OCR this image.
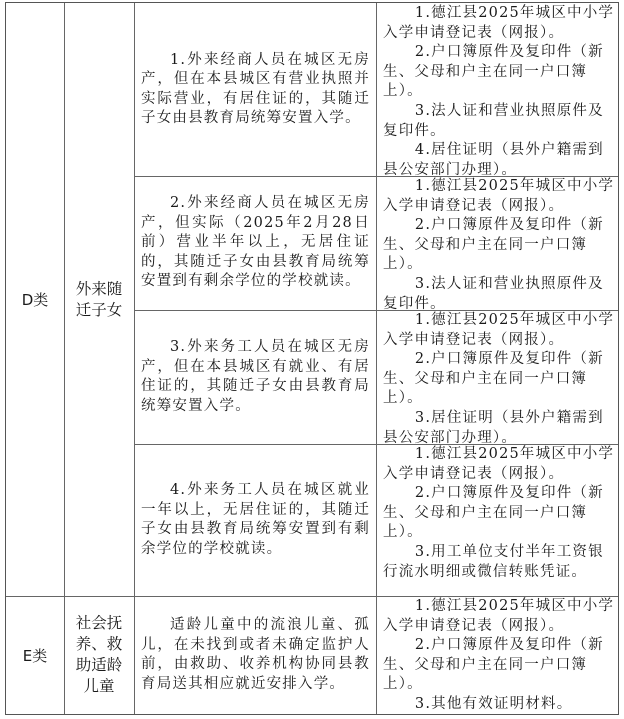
D类
外来随迁子女
1.外来经商人员在城区无房产，但在本县城区有营业执照并实际营业，有居住证的，其随迁子女由县教育局统筹安置入学。
1.德江县2025年城区中小学入学申请登记表（网报）。
2.户口簿原件及复印件（新生、父母和户主在同一户口簿上）。
3.法人证和营业执照原件及复印件。
4.居住证明（县外户籍需到县公安部门办理）。
2.外来经商人员在城区无房产，但实际（2025年2月28日前）营业半年以上，无居住证的，其随迁子女由县教育局统筹安置到有剩余学位的学校就读。
1.德江县2025年城区中小学入学申请登记表（网报）。
2.户口簿原件及复印件（新生、父母和户主在同一户口簿上）。
3.法人证和营业执照原件及复印件。
3.外来务工人员在城区无房产，但在本县城区有就业、有居住证的，其随迁子女由县教育局统筹安置入学。
1.德江县2025年城区中小学入学申请登记表（网报）。
2.户口簿原件及复印件（新生、父母和户主在同一户口簿上）。
3.居住证明（县外户籍需到县公安部门办理）。
4.外来务工人员在城区就业一年以上，无居住证的，其随迁子女由县教育局统筹安置到有剩余学位的学校就读。
1.德江县2025年城区中小学入学申请登记表（网报）。
2.户口簿原件及复印件（新生、父母和户主在同一户口簿上）。
3.用工单位支付半年工资银行流水明细或微信转账凭证。
E类
社会抚养、救助适龄儿童
适龄儿童中的流浪儿童、孤儿，在未找到或者未确定监护人前，由救助、收养机构协同县教育局送其相应就近安排入学。
1.德江县2025年城区中小学入学申请登记表（网报）。
2.户口簿原件及复印件（新生、父母和户主在同一户口簿上）。
3.其他有效证明材料。
